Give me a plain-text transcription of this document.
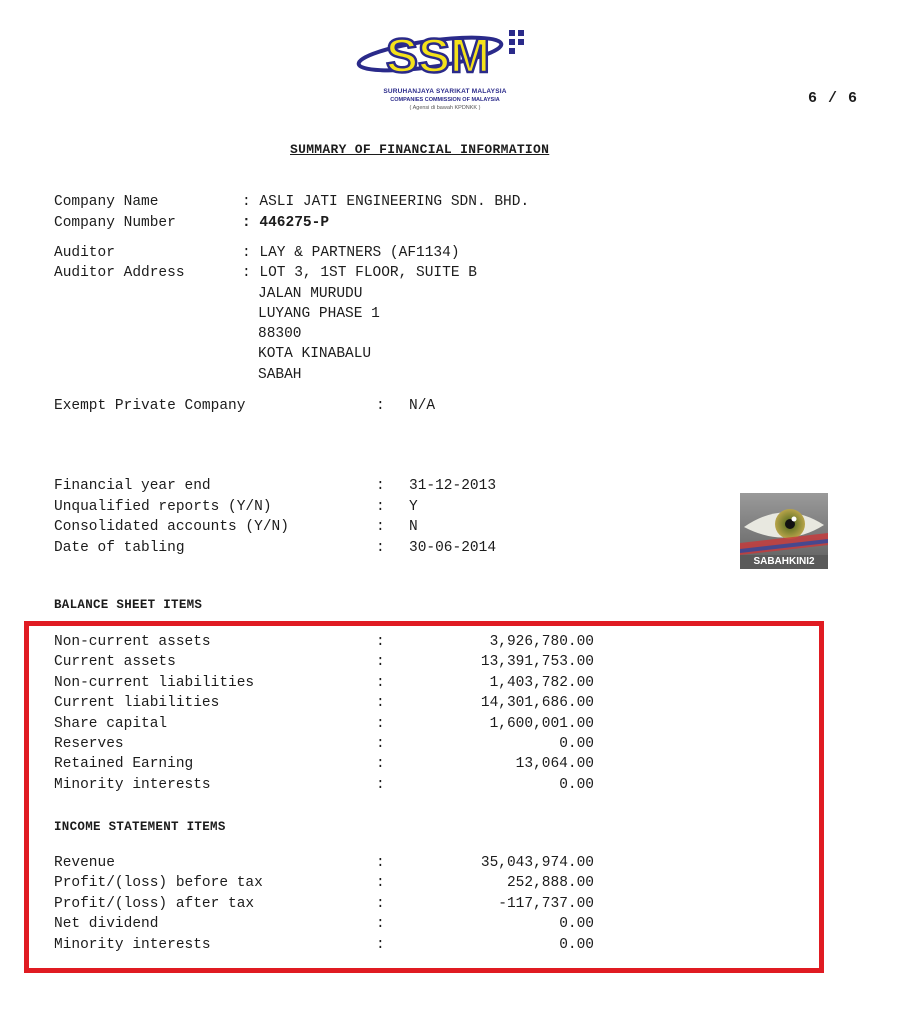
SSM
SURUHANJAYA SYARIKAT MALAYSIA
COMPANIES COMMISSION OF MALAYSIA
( Agensi di bawah KPDNKK )
6 / 6
SUMMARY OF FINANCIAL INFORMATION
Company Name	: ASLI JATI ENGINEERING SDN. BHD.
Company Number	: 446275-P
Auditor	: LAY & PARTNERS (AF1134)
Auditor Address	: LOT 3, 1ST FLOOR, SUITE B
JALAN MURUDU
LUYANG PHASE 1
88300
KOTA KINABALU
SABAH
Exempt Private Company	: N/A
Financial year end	: 31-12-2013
Unqualified reports (Y/N)	: Y
Consolidated accounts (Y/N)	: N
Date of tabling	: 30-06-2014
SABAHKINI2
BALANCE SHEET ITEMS
Non-current assets	:	3,926,780.00
Current assets	:	13,391,753.00
Non-current liabilities	:	1,403,782.00
Current liabilities	:	14,301,686.00
Share capital	:	1,600,001.00
Reserves	:	0.00
Retained Earning	:	13,064.00
Minority interests	:	0.00
INCOME STATEMENT ITEMS
Revenue	:	35,043,974.00
Profit/(loss) before tax	:	252,888.00
Profit/(loss) after tax	:	-117,737.00
Net dividend	:	0.00
Minority interests	:	0.00
